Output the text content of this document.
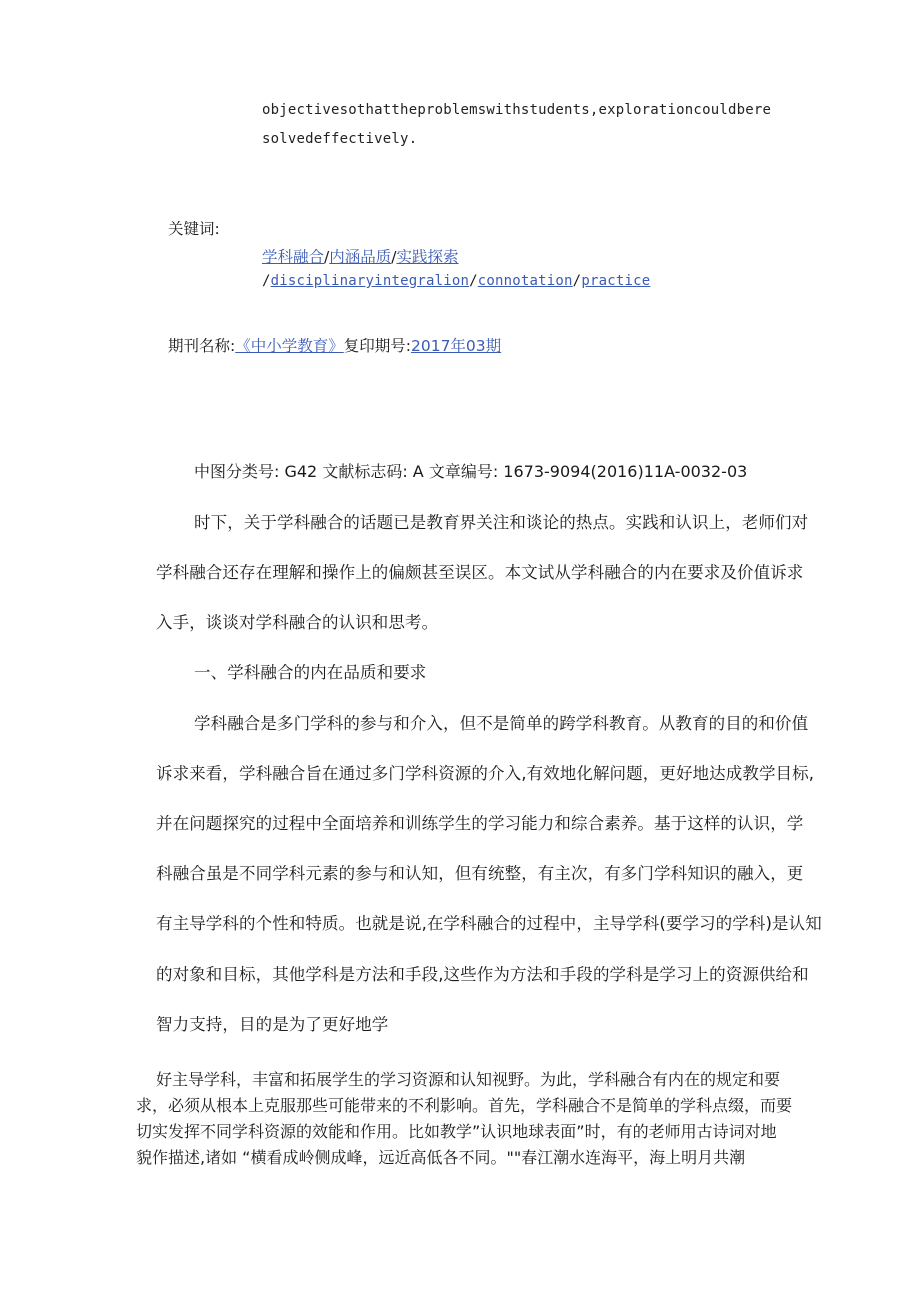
objectivesothattheproblemswithstudents,explorationcouldbere
solvedeffectively.
关键词:
学科融合/内涵品质/实践探索
/disciplinaryintegralion/connotation/practice
期刊名称:《中小学教育》复印期号:2017年03期
中图分类号: G42 文献标志码: A 文章编号: 1673-9094(2016)11A-0032-03
时下，关于学科融合的话题已是教育界关注和谈论的热点。实践和认识上，老师们对
学科融合还存在理解和操作上的偏颇甚至误区。本文试从学科融合的内在要求及价值诉求
入手，谈谈对学科融合的认识和思考。
一、学科融合的内在品质和要求
学科融合是多门学科的参与和介入，但不是简单的跨学科教育。从教育的目的和价值
诉求来看，学科融合旨在通过多门学科资源的介入,有效地化解问题，更好地达成教学目标,
并在问题探究的过程中全面培养和训练学生的学习能力和综合素养。基于这样的认识，学
科融合虽是不同学科元素的参与和认知，但有统整，有主次，有多门学科知识的融入，更
有主导学科的个性和特质。也就是说,在学科融合的过程中，主导学科(要学习的学科)是认知
的对象和目标，其他学科是方法和手段,这些作为方法和手段的学科是学习上的资源供给和
智力支持，目的是为了更好地学
好主导学科，丰富和拓展学生的学习资源和认知视野。为此，学科融合有内在的规定和要
求，必须从根本上克服那些可能带来的不利影响。首先，学科融合不是简单的学科点缀，而要
切实发挥不同学科资源的效能和作用。比如教学”认识地球表面”时，有的老师用古诗词对地
貌作描述,诸如 “横看成岭侧成峰，远近高低各不同。""春江潮水连海平，海上明月共潮
